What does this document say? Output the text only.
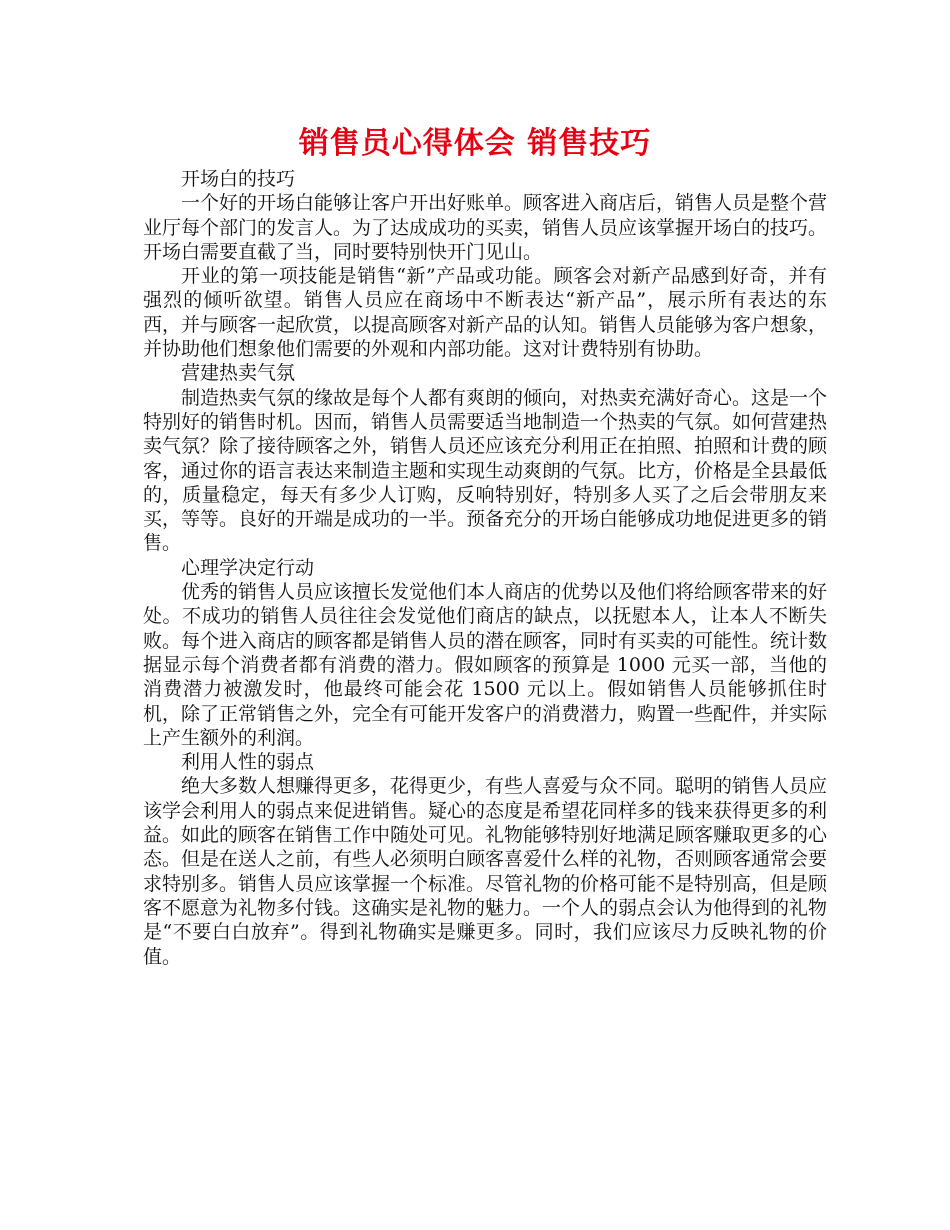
销售员心得体会 销售技巧

开场白的技巧

一个好的开场白能够让客户开出好账单。顾客进入商店后，销售人员是整个营业厅每个部门的发言人。为了达成成功的买卖，销售人员应该掌握开场白的技巧。开场白需要直截了当，同时要特别快开门见山。

开业的第一项技能是销售“新”产品或功能。顾客会对新产品感到好奇，并有强烈的倾听欲望。销售人员应在商场中不断表达“新产品”，展示所有表达的东西，并与顾客一起欣赏，以提高顾客对新产品的认知。销售人员能够为客户想象，并协助他们想象他们需要的外观和内部功能。这对计费特别有协助。

营建热卖气氛

制造热卖气氛的缘故是每个人都有爽朗的倾向，对热卖充满好奇心。这是一个特别好的销售时机。因而，销售人员需要适当地制造一个热卖的气氛。如何营建热卖气氛？除了接待顾客之外，销售人员还应该充分利用正在拍照、拍照和计费的顾客，通过你的语言表达来制造主题和实现生动爽朗的气氛。比方，价格是全县最低的，质量稳定，每天有多少人订购，反响特别好，特别多人买了之后会带朋友来买，等等。良好的开端是成功的一半。预备充分的开场白能够成功地促进更多的销售。

心理学决定行动

优秀的销售人员应该擅长发觉他们本人商店的优势以及他们将给顾客带来的好处。不成功的销售人员往往会发觉他们商店的缺点，以抚慰本人，让本人不断失败。每个进入商店的顾客都是销售人员的潜在顾客，同时有买卖的可能性。统计数据显示每个消费者都有消费的潜力。假如顾客的预算是 1000 元买一部，当他的消费潜力被激发时，他最终可能会花 1500 元以上。假如销售人员能够抓住时机，除了正常销售之外，完全有可能开发客户的消费潜力，购置一些配件，并实际上产生额外的利润。

利用人性的弱点

绝大多数人想赚得更多，花得更少，有些人喜爱与众不同。聪明的销售人员应该学会利用人的弱点来促进销售。疑心的态度是希望花同样多的钱来获得更多的利益。如此的顾客在销售工作中随处可见。礼物能够特别好地满足顾客赚取更多的心态。但是在送人之前，有些人必须明白顾客喜爱什么样的礼物，否则顾客通常会要求特别多。销售人员应该掌握一个标准。尽管礼物的价格可能不是特别高，但是顾客不愿意为礼物多付钱。这确实是礼物的魅力。一个人的弱点会认为他得到的礼物是“不要白白放弃”。得到礼物确实是赚更多。同时，我们应该尽力反映礼物的价值。
